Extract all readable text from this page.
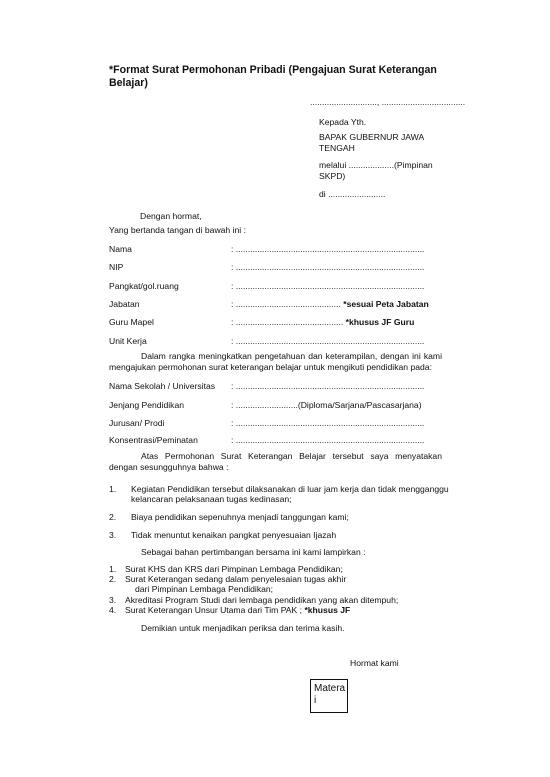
*Format Surat Permohonan Pribadi (Pengajuan Surat Keterangan Belajar)
............................, ...................................
Kepada Yth.
BAPAK GUBERNUR JAWA TENGAH
melalui ...................(Pimpinan SKPD)
di ........................
Dengan hormat,
Yang bertanda tangan di bawah ini :
Nama	: ...............................................................................
NIP	: ...............................................................................
Pangkat/gol.ruang	: ...............................................................................
Jabatan	: ............................................ *sesuai Peta Jabatan
Guru Mapel	: ............................................. *khusus JF Guru
Unit Kerja	: ...............................................................................
Dalam rangka meningkatkan pengetahuan dan keterampilan, dengan ini kami mengajukan permohonan surat keterangan belajar untuk mengikuti pendidikan pada:
Nama Sekolah / Universitas : ...............................................................................
Jenjang Pendidikan	: ..........................(Diploma/Sarjana/Pascasarjana)
Jurusan/ Prodi	: ...............................................................................
Konsentrasi/Peminatan	: ...............................................................................
Atas Permohonan Surat Keterangan Belajar tersebut saya menyatakan dengan sesungguhnya bahwa :
1. Kegiatan Pendidikan tersebut dilaksanakan di luar jam kerja dan tidak mengganggu
kelancaran pelaksanaan tugas kedinasan;
2. Biaya pendidikan sepenuhnya menjadi tanggungan kami;
3. Tidak menuntut kenaikan pangkat penyesuaian Ijazah
Sebagai bahan pertimbangan bersama ini kami lampirkan :
1. Surat KHS dan KRS dari Pimpinan Lembaga Pendidikan;
2. Surat Keterangan sedang dalam penyelesaian tugas akhir
dari Pimpinan Lembaga Pendidikan;
3. Akreditasi Program Studi dari lembaga pendidikan yang akan ditempuh;
4. Surat Keterangan Unsur Utama dari Tim PAK ; *khusus JF
Demikian untuk menjadikan periksa dan terima kasih.
Hormat kami
Materai
